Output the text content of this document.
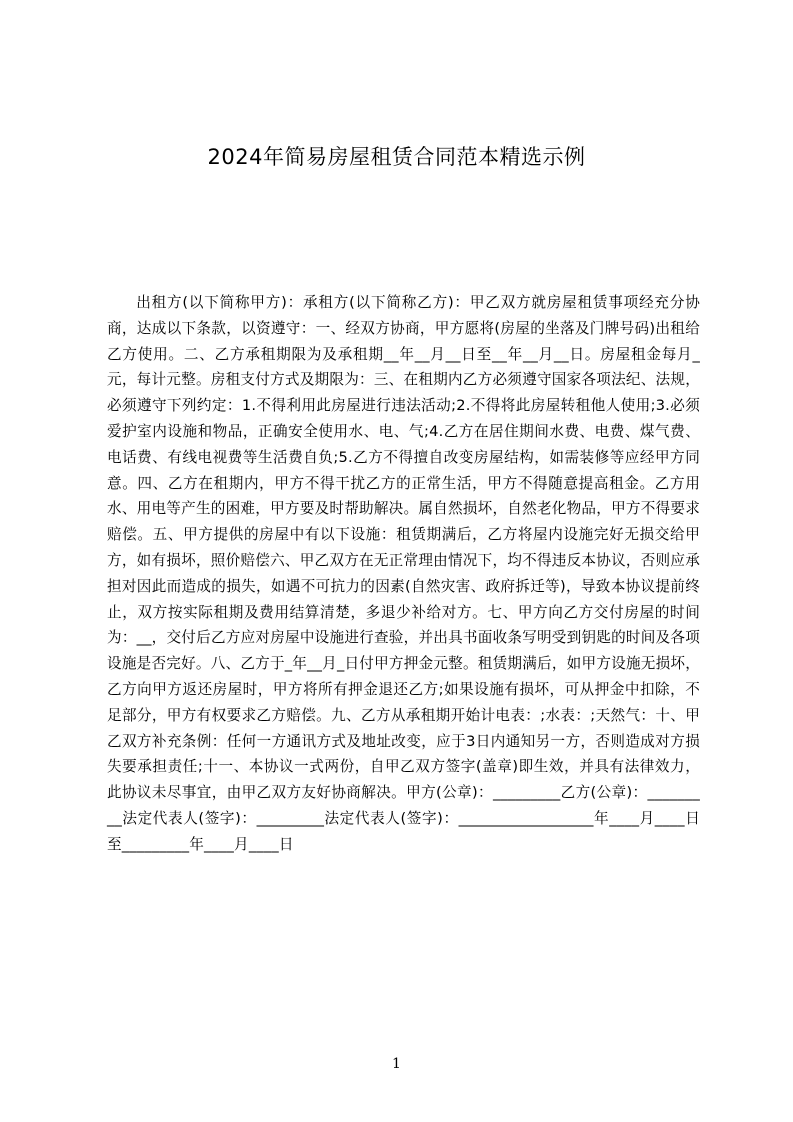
2024年简易房屋租赁合同范本精选示例

出租方(以下简称甲方)：承租方(以下简称乙方)：甲乙双方就房屋租赁事项经充分协商，达成以下条款，以资遵守：一、经双方协商，甲方愿将(房屋的坐落及门牌号码)出租给乙方使用。二、乙方承租期限为及承租期__年__月__日至__年__月__日。房屋租金每月_元，每计元整。房租支付方式及期限为：三、在租期内乙方必须遵守国家各项法纪、法规，必须遵守下列约定：1.不得利用此房屋进行违法活动;2.不得将此房屋转租他人使用;3.必须爱护室内设施和物品，正确安全使用水、电、气;4.乙方在居住期间水费、电费、煤气费、电话费、有线电视费等生活费自负;5.乙方不得擅自改变房屋结构，如需装修等应经甲方同意。四、乙方在租期内，甲方不得干扰乙方的正常生活，甲方不得随意提高租金。乙方用水、用电等产生的困难，甲方要及时帮助解决。属自然损坏，自然老化物品，甲方不得要求赔偿。五、甲方提供的房屋中有以下设施：租赁期满后，乙方将屋内设施完好无损交给甲方，如有损坏，照价赔偿六、甲乙双方在无正常理由情况下，均不得违反本协议，否则应承担对因此而造成的损失，如遇不可抗力的因素(自然灾害、政府拆迁等)，导致本协议提前终止，双方按实际租期及费用结算清楚，多退少补给对方。七、甲方向乙方交付房屋的时间为：__，交付后乙方应对房屋中设施进行查验，并出具书面收条写明受到钥匙的时间及各项设施是否完好。八、乙方于_年__月_日付甲方押金元整。租赁期满后，如甲方设施无损坏，乙方向甲方返还房屋时，甲方将所有押金退还乙方;如果设施有损坏，可从押金中扣除，不足部分，甲方有权要求乙方赔偿。九、乙方从承租期开始计电表：;水表：;天然气：十、甲乙双方补充条例：任何一方通讯方式及地址改变，应于3日内通知另一方，否则造成对方损失要承担责任;十一、本协议一式两份，自甲乙双方签字(盖章)即生效，并具有法律效力，此协议未尽事宜，由甲乙双方友好协商解决。甲方(公章)：_________乙方(公章)：_________法定代表人(签字)：_________法定代表人(签字)：__________________年____月____日至_________年____月____日

1
